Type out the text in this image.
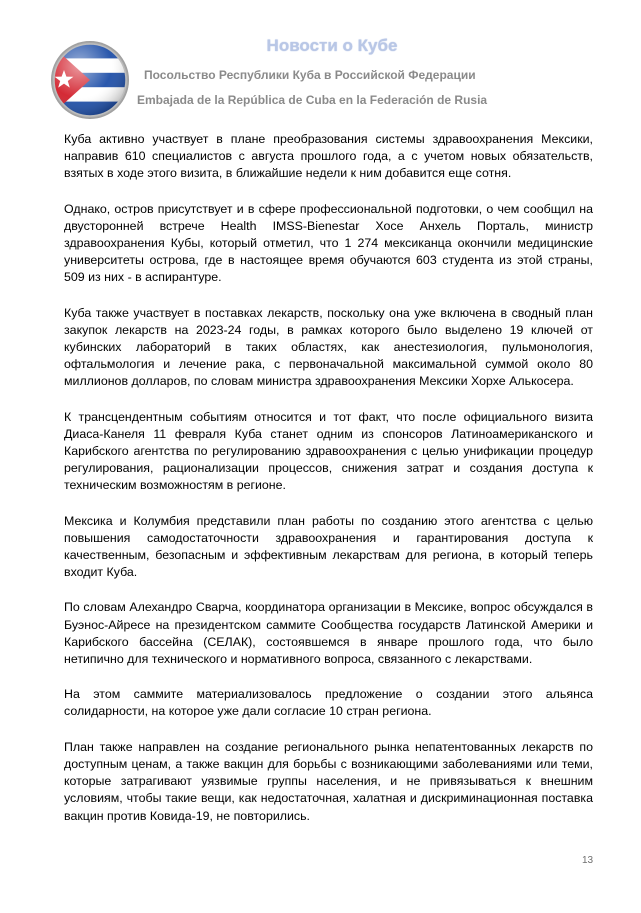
Новости о Кубе
Посольство Республики Куба в Российской Федерации
Embajada de la República de Cuba en la Federación de Rusia

Куба активно участвует в плане преобразования системы здравоохранения Мексики, направив 610 специалистов с августа прошлого года, а с учетом новых обязательств, взятых в ходе этого визита, в ближайшие недели к ним добавится еще сотня.

Однако, остров присутствует и в сфере профессиональной подготовки, о чем сообщил на двусторонней встрече Health IMSS-Bienestar Хосе Анхель Порталь, министр здравоохранения Кубы, который отметил, что 1 274 мексиканца окончили медицинские университеты острова, где в настоящее время обучаются 603 студента из этой страны, 509 из них - в аспирантуре.

Куба также участвует в поставках лекарств, поскольку она уже включена в сводный план закупок лекарств на 2023-24 годы, в рамках которого было выделено 19 ключей от кубинских лабораторий в таких областях, как анестезиология, пульмонология, офтальмология и лечение рака, с первоначальной максимальной суммой около 80 миллионов долларов, по словам министра здравоохранения Мексики Хорхе Алькосера.

К трансцендентным событиям относится и тот факт, что после официального визита Диаса-Канеля 11 февраля Куба станет одним из спонсоров Латиноамериканского и Карибского агентства по регулированию здравоохранения с целью унификации процедур регулирования, рационализации процессов, снижения затрат и создания доступа к техническим возможностям в регионе.

Мексика и Колумбия представили план работы по созданию этого агентства с целью повышения самодостаточности здравоохранения и гарантирования доступа к качественным, безопасным и эффективным лекарствам для региона, в который теперь входит Куба.

По словам Алехандро Сварча, координатора организации в Мексике, вопрос обсуждался в Буэнос-Айресе на президентском саммите Сообщества государств Латинской Америки и Карибского бассейна (СЕЛАК), состоявшемся в январе прошлого года, что было нетипично для технического и нормативного вопроса, связанного с лекарствами.

На этом саммите материализовалось предложение о создании этого альянса солидарности, на которое уже дали согласие 10 стран региона.

План также направлен на создание регионального рынка непатентованных лекарств по доступным ценам, а также вакцин для борьбы с возникающими заболеваниями или теми, которые затрагивают уязвимые группы населения, и не привязываться к внешним условиям, чтобы такие вещи, как недостаточная, халатная и дискриминационная поставка вакцин против Ковида-19, не повторились.

13
